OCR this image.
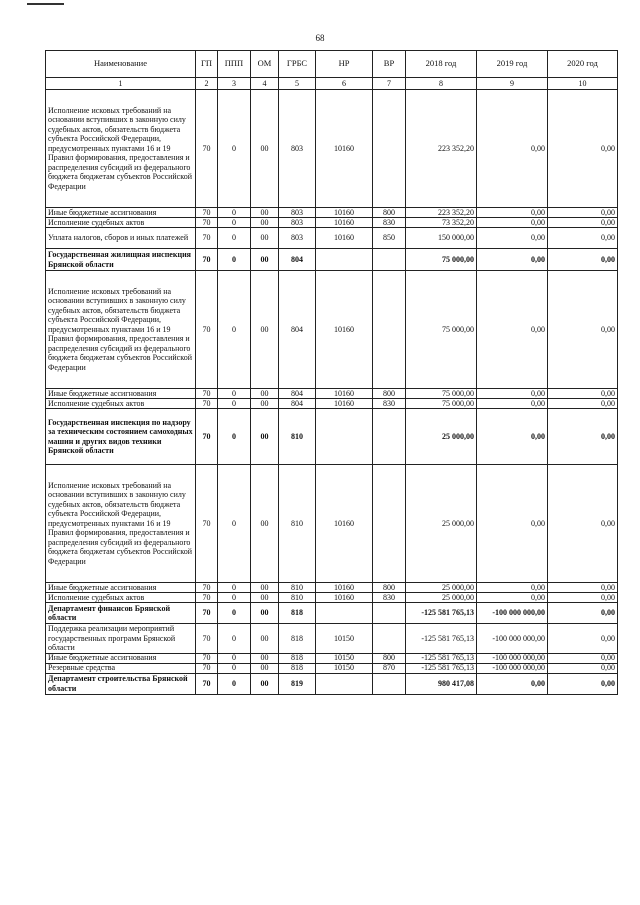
68
Наименование	ГП	ППП	ОМ	ГРБС	НР	ВР	2018 год	2019 год	2020 год
1	2	3	4	5	6	7	8	9	10
Исполнение исковых требований на основании вступивших в законную силу судебных актов, обязательств бюджета субъекта Российской Федерации, предусмотренных пунктами 16 и 19 Правил формирования, предоставления и распределения субсидий из федерального бюджета бюджетам субъектов Российской Федерации	70	0	00	803	10160		223 352,20	0,00	0,00
Иные бюджетные ассигнования	70	0	00	803	10160	800	223 352,20	0,00	0,00
Исполнение судебных актов	70	0	00	803	10160	830	73 352,20	0,00	0,00
Уплата налогов, сборов и иных платежей	70	0	00	803	10160	850	150 000,00	0,00	0,00
Государственная жилищная инспекция Брянской области	70	0	00	804			75 000,00	0,00	0,00
Исполнение исковых требований на основании вступивших в законную силу судебных актов, обязательств бюджета субъекта Российской Федерации, предусмотренных пунктами 16 и 19 Правил формирования, предоставления и распределения субсидий из федерального бюджета бюджетам субъектов Российской Федерации	70	0	00	804	10160		75 000,00	0,00	0,00
Иные бюджетные ассигнования	70	0	00	804	10160	800	75 000,00	0,00	0,00
Исполнение судебных актов	70	0	00	804	10160	830	75 000,00	0,00	0,00
Государственная инспекция по надзору за техническим состоянием самоходных машин и других видов техники Брянской области	70	0	00	810			25 000,00	0,00	0,00
Исполнение исковых требований на основании вступивших в законную силу судебных актов, обязательств бюджета субъекта Российской Федерации, предусмотренных пунктами 16 и 19 Правил формирования, предоставления и распределения субсидий из федерального бюджета бюджетам субъектов Российской Федерации	70	0	00	810	10160		25 000,00	0,00	0,00
Иные бюджетные ассигнования	70	0	00	810	10160	800	25 000,00	0,00	0,00
Исполнение судебных актов	70	0	00	810	10160	830	25 000,00	0,00	0,00
Департамент финансов Брянской области	70	0	00	818			-125 581 765,13	-100 000 000,00	0,00
Поддержка реализации мероприятий государственных программ Брянской области	70	0	00	818	10150		-125 581 765,13	-100 000 000,00	0,00
Иные бюджетные ассигнования	70	0	00	818	10150	800	-125 581 765,13	-100 000 000,00	0,00
Резервные средства	70	0	00	818	10150	870	-125 581 765,13	-100 000 000,00	0,00
Департамент строительства Брянской области	70	0	00	819			980 417,08	0,00	0,00
